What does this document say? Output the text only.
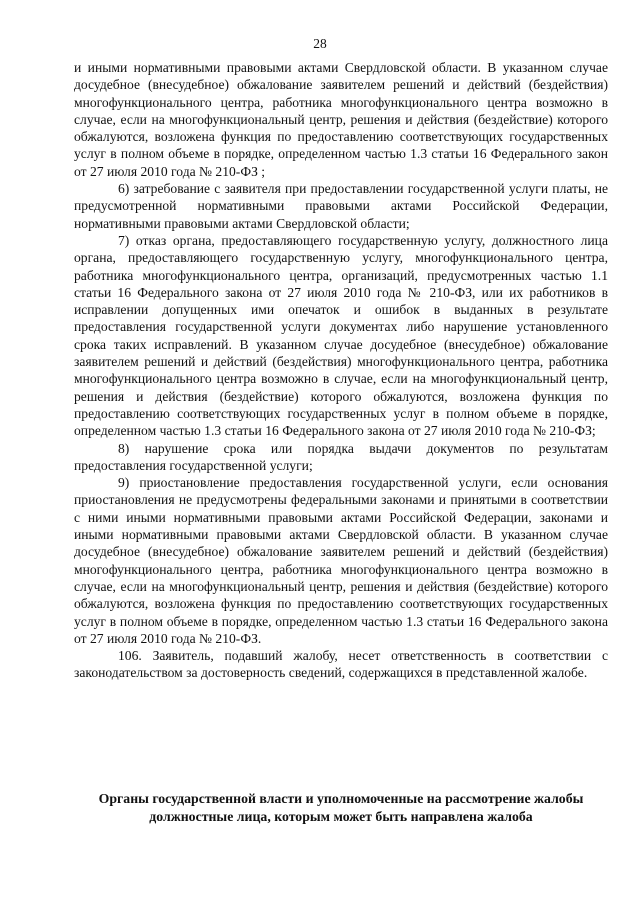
28

и иными нормативными правовыми актами Свердловской области. В указанном случае досудебное (внесудебное) обжалование заявителем решений и действий (бездействия) многофункционального центра, работника многофункционального центра возможно в случае, если на многофункциональный центр, решения и действия (бездействие) которого обжалуются, возложена функция по предоставлению соответствующих государственных услуг в полном объеме в порядке, определенном частью 1.3 статьи 16 Федерального закон от 27 июля 2010 года № 210-ФЗ ;

6) затребование с заявителя при предоставлении государственной услуги платы, не предусмотренной нормативными правовыми актами Российской Федерации, нормативными правовыми актами Свердловской области;

7) отказ органа, предоставляющего государственную услугу, должностного лица органа, предоставляющего государственную услугу, многофункционального центра, работника многофункционального центра, организаций, предусмотренных частью 1.1 статьи 16 Федерального закона от 27 июля 2010 года № 210-ФЗ, или их работников в исправлении допущенных ими опечаток и ошибок в выданных в результате предоставления государственной услуги документах либо нарушение установленного срока таких исправлений. В указанном случае досудебное (внесудебное) обжалование заявителем решений и действий (бездействия) многофункционального центра, работника многофункционального центра возможно в случае, если на многофункциональный центр, решения и действия (бездействие) которого обжалуются, возложена функция по предоставлению соответствующих государственных услуг в полном объеме в порядке, определенном частью 1.3 статьи 16 Федерального закона от 27 июля 2010 года № 210-ФЗ;

8) нарушение срока или порядка выдачи документов по результатам предоставления государственной услуги;

9) приостановление предоставления государственной услуги, если основания приостановления не предусмотрены федеральными законами и принятыми в соответствии с ними иными нормативными правовыми актами Российской Федерации, законами и иными нормативными правовыми актами Свердловской области. В указанном случае досудебное (внесудебное) обжалование заявителем решений и действий (бездействия) многофункционального центра, работника многофункционального центра возможно в случае, если на многофункциональный центр, решения и действия (бездействие) которого обжалуются, возложена функция по предоставлению соответствующих государственных услуг в полном объеме в порядке, определенном частью 1.3 статьи 16 Федерального закона от 27 июля 2010 года № 210-ФЗ.

106. Заявитель, подавший жалобу, несет ответственность в соответствии с законодательством за достоверность сведений, содержащихся в представленной жалобе.

Органы государственной власти и уполномоченные на рассмотрение жалобы
должностные лица, которым может быть направлена жалоба
